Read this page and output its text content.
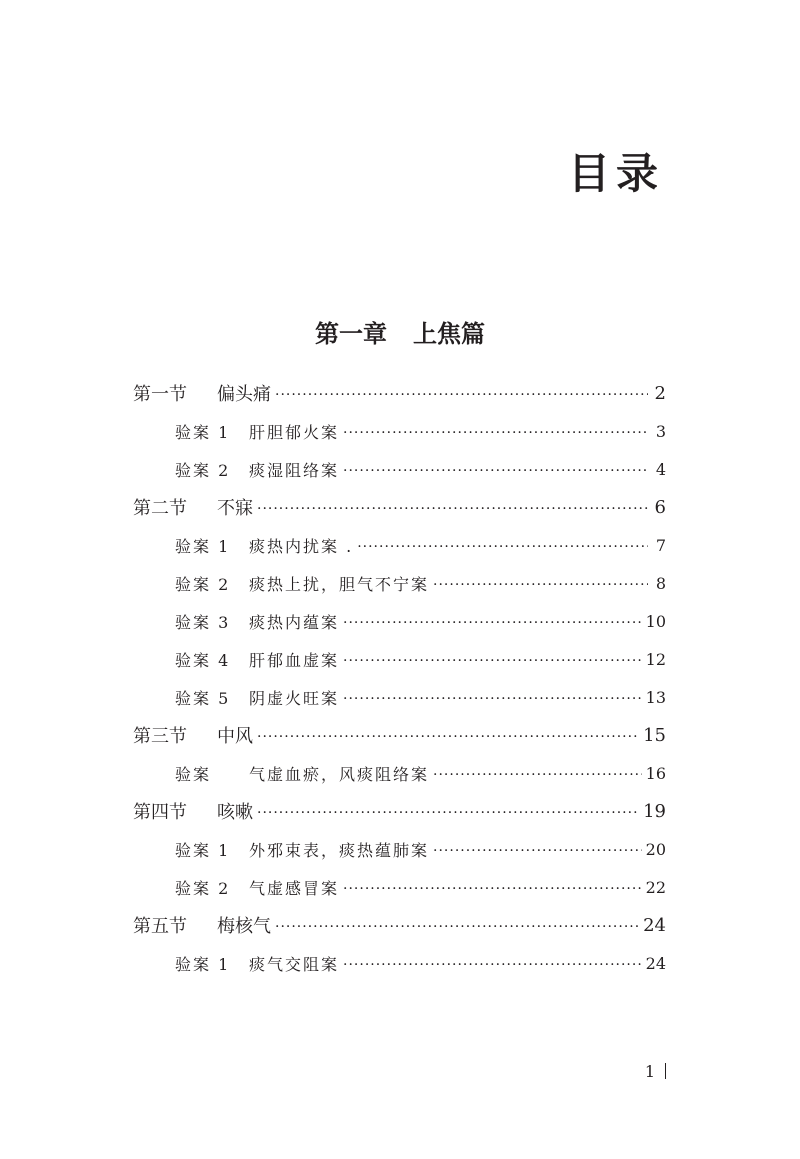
目录
第一章 上焦篇
第一节 偏头痛 ·····	2
验案 1 肝胆郁火案 ·····	3
验案 2 痰湿阻络案 ·····	4
第二节 不寐 ·····	6
验案 1 痰热内扰案 . ·····	7
验案 2 痰热上扰，胆气不宁案 ·····	8
验案 3 痰热内蕴案 ·····	10
验案 4 肝郁血虚案 ·····	12
验案 5 阴虚火旺案 ·····	13
第三节 中风 ·····	15
验案 气虚血瘀，风痰阻络案 ·····	16
第四节 咳嗽 ·····	19
验案 1 外邪束表，痰热蕴肺案 ·····	20
验案 2 气虚感冒案 ·····	22
第五节 梅核气 ·····	24
验案 1 痰气交阻案 ·····	24
1
